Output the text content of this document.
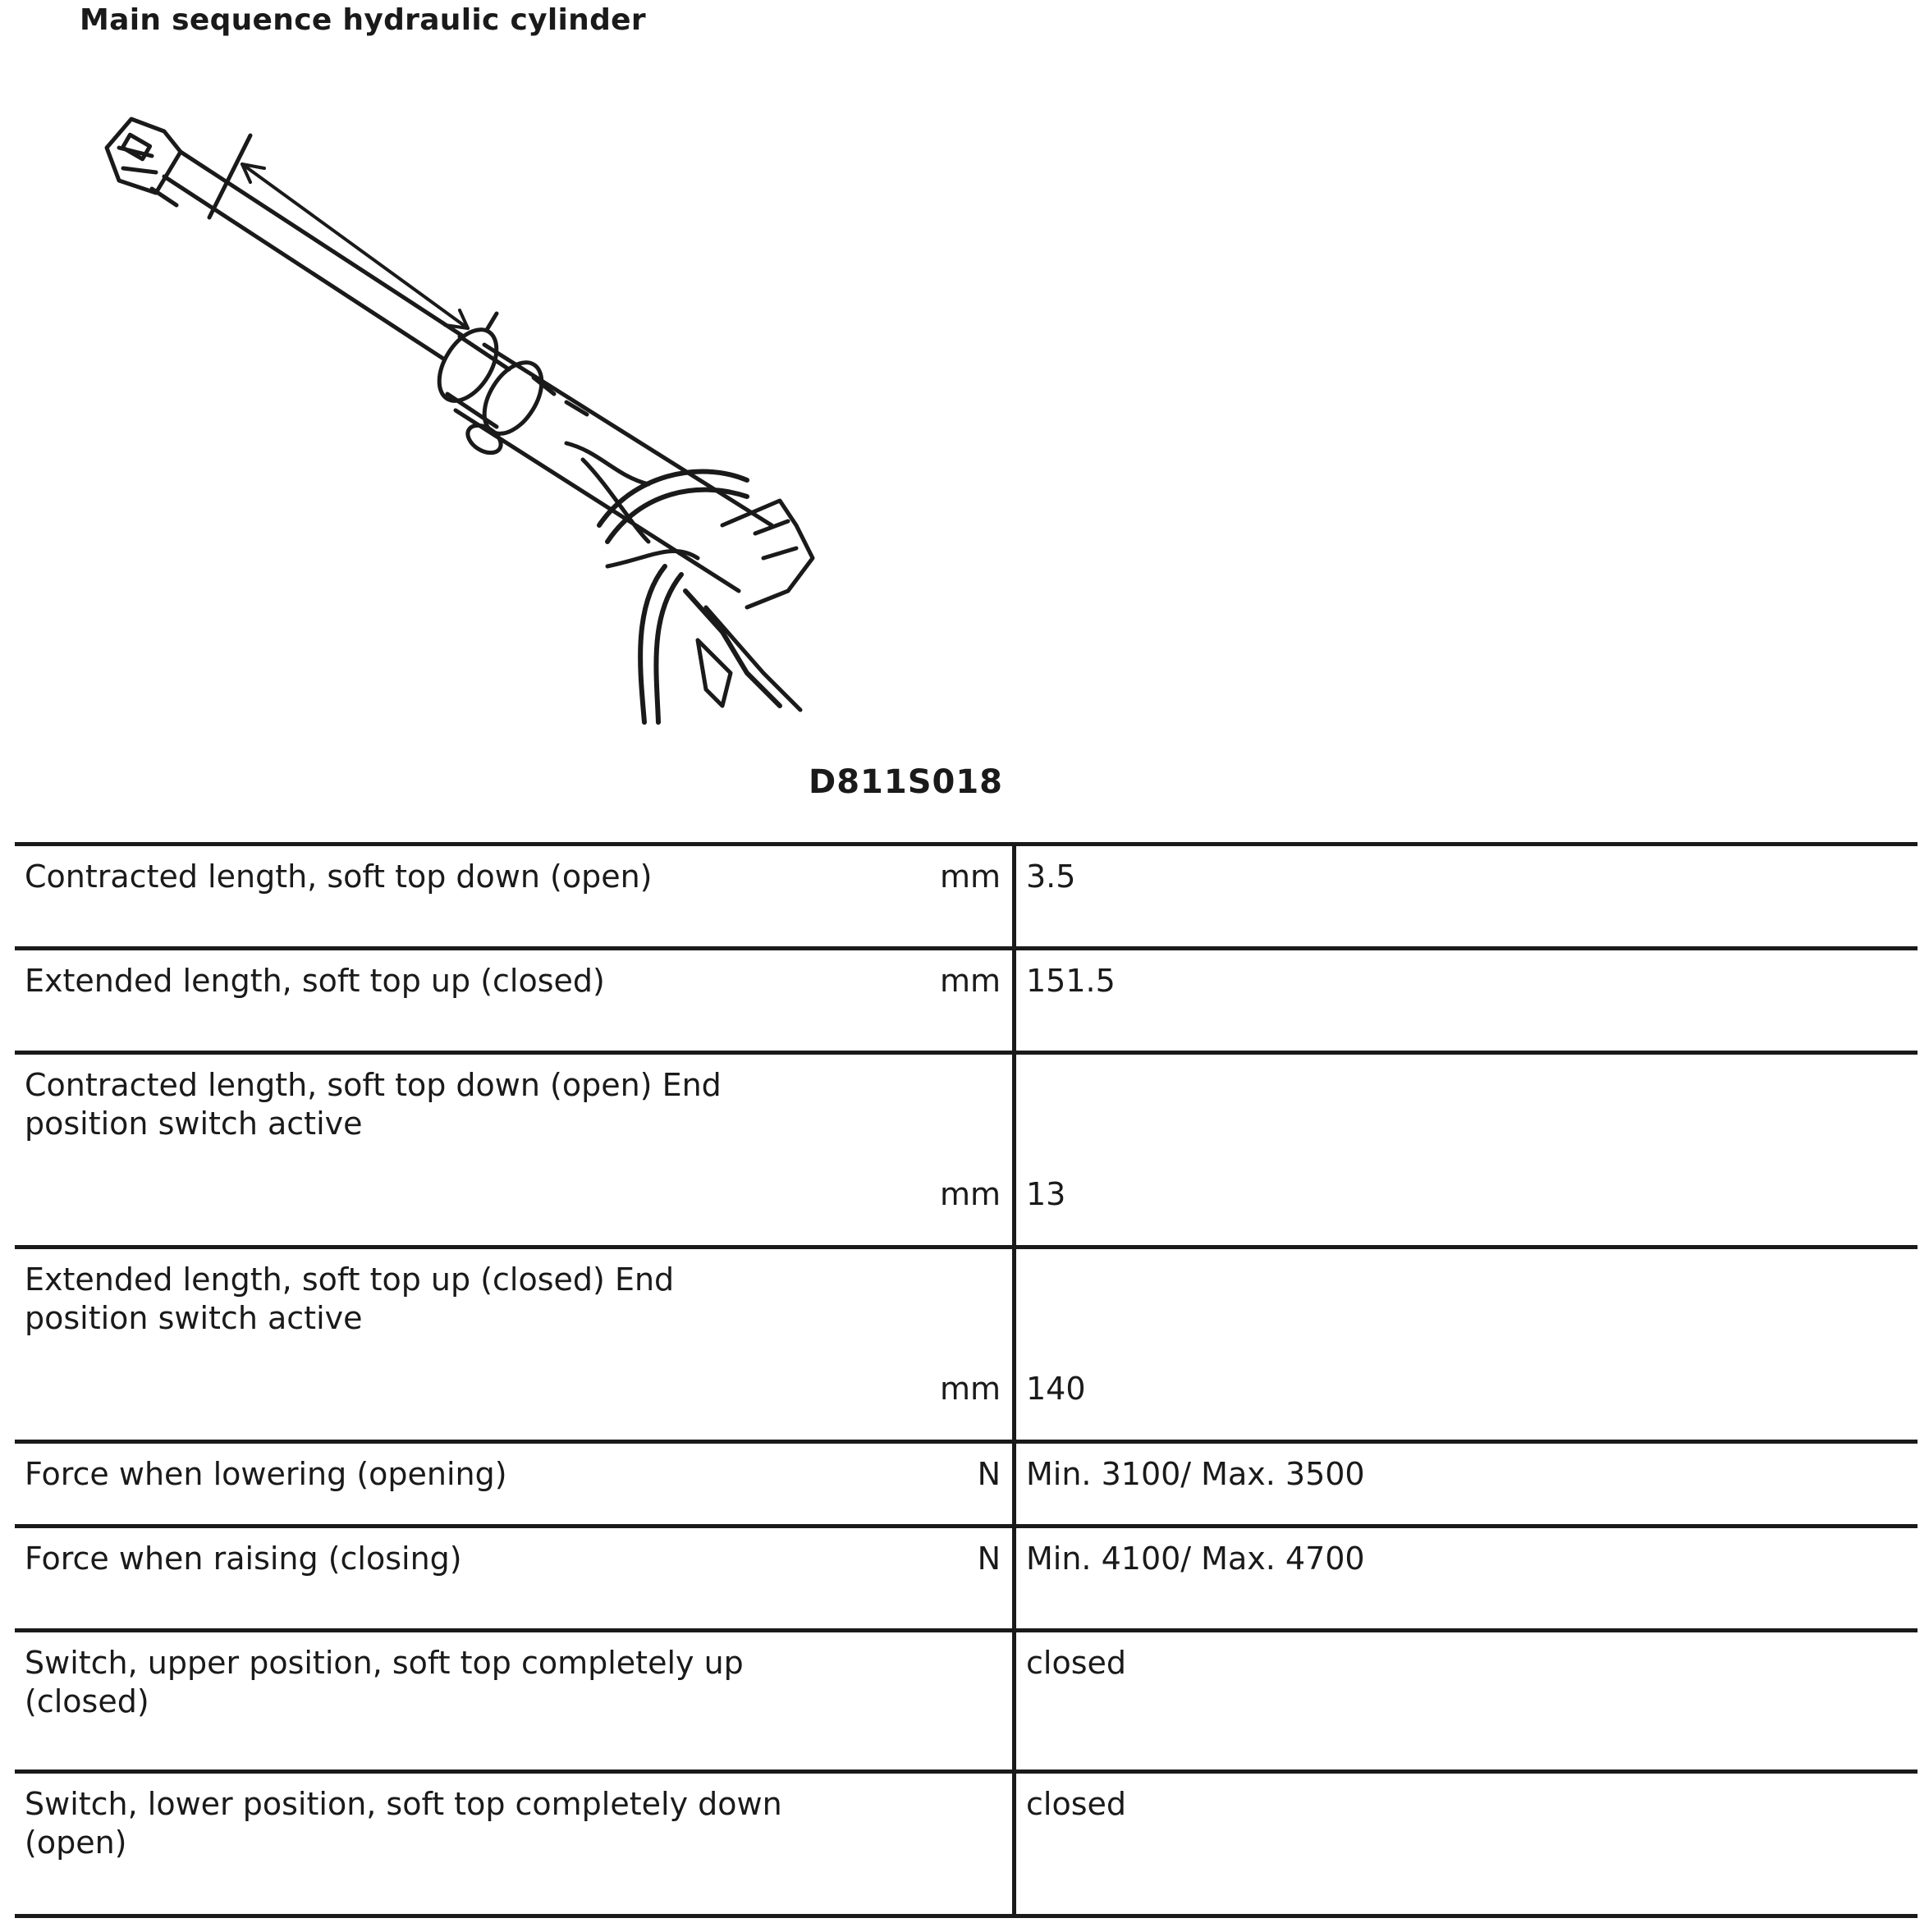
Main sequence hydraulic cylinder
D811S018
Contracted length, soft top down (open) mm	3.5

Extended length, soft top up (closed) mm	151.5

Contracted length, soft top down (open) End
position switch active
mm	13

Extended length, soft top up (closed) End
position switch active
mm	140

Force when lowering (opening) N	Min. 3100/ Max. 3500

Force when raising (closing) N	Min. 4100/ Max. 4700

Switch, upper position, soft top completely up
(closed)	closed

Switch, lower position, soft top completely down
(open)	closed
